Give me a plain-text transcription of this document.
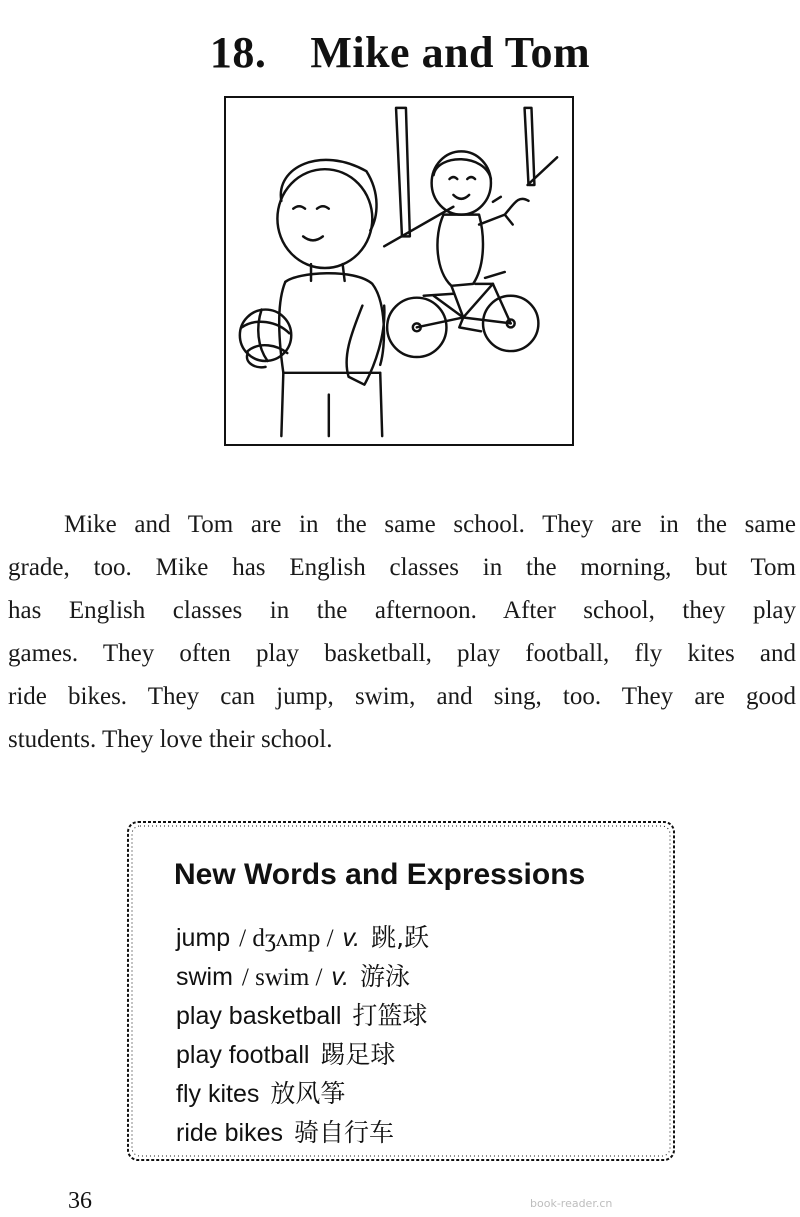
18. Mike and Tom
Mike and Tom are in the same school. They are in the same
grade, too. Mike has English classes in the morning, but Tom
has English classes in the afternoon. After school, they play
games. They often play basketball, play football, fly kites and
ride bikes. They can jump, swim, and sing, too. They are good
students. They love their school.
New Words and Expressions
jump / dʒʌmp / v. 跳,跃
swim / swim / v. 游泳
play basketball 打篮球
play football 踢足球
fly kites 放风筝
ride bikes 骑自行车
36	book-reader.cn
